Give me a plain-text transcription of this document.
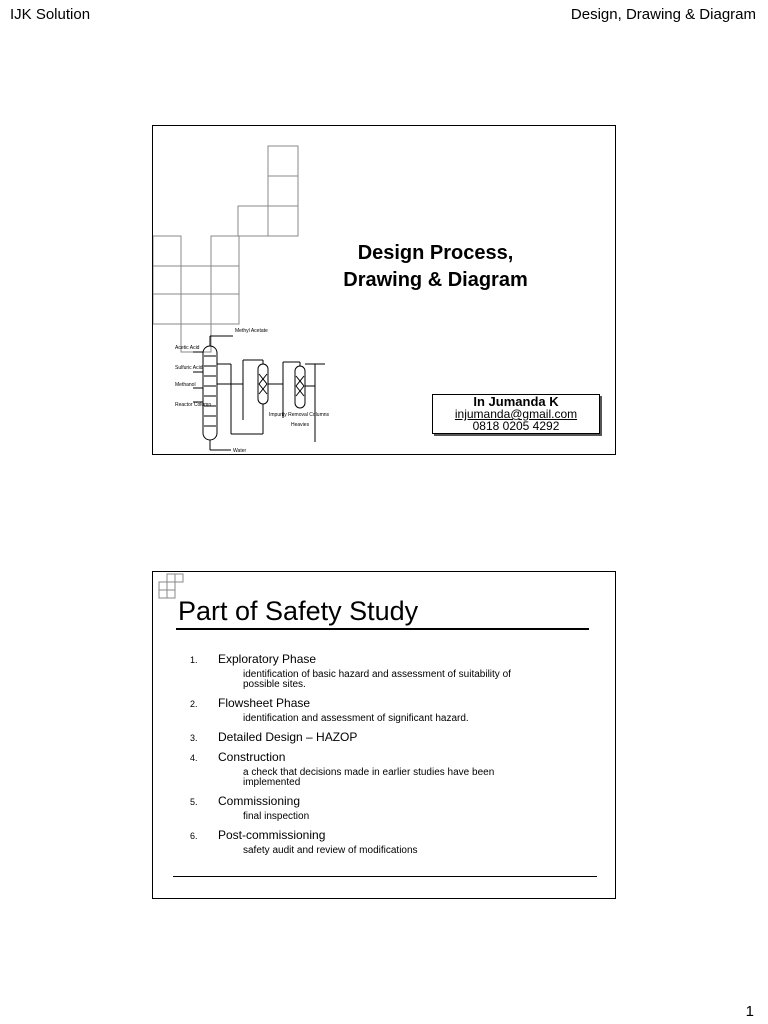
IJK Solution	Design, Drawing & Diagram
Design Process,
Drawing & Diagram
Methyl Acetate
Acetic Acid
Sulfuric Acid
Methanol
Reactor Column
Impurity Removal Columns
Heavies
Water
In Jumanda K
injumanda@gmail.com
0818 0205 4292
Part of Safety Study
1.	Exploratory Phase
identification of basic hazard and assessment of suitability of possible sites.
2.	Flowsheet Phase
identification and assessment of significant hazard.
3.	Detailed Design – HAZOP
4.	Construction
a check that decisions made in earlier studies have been implemented
5.	Commissioning
final inspection
6.	Post-commissioning
safety audit and review of modifications
1
